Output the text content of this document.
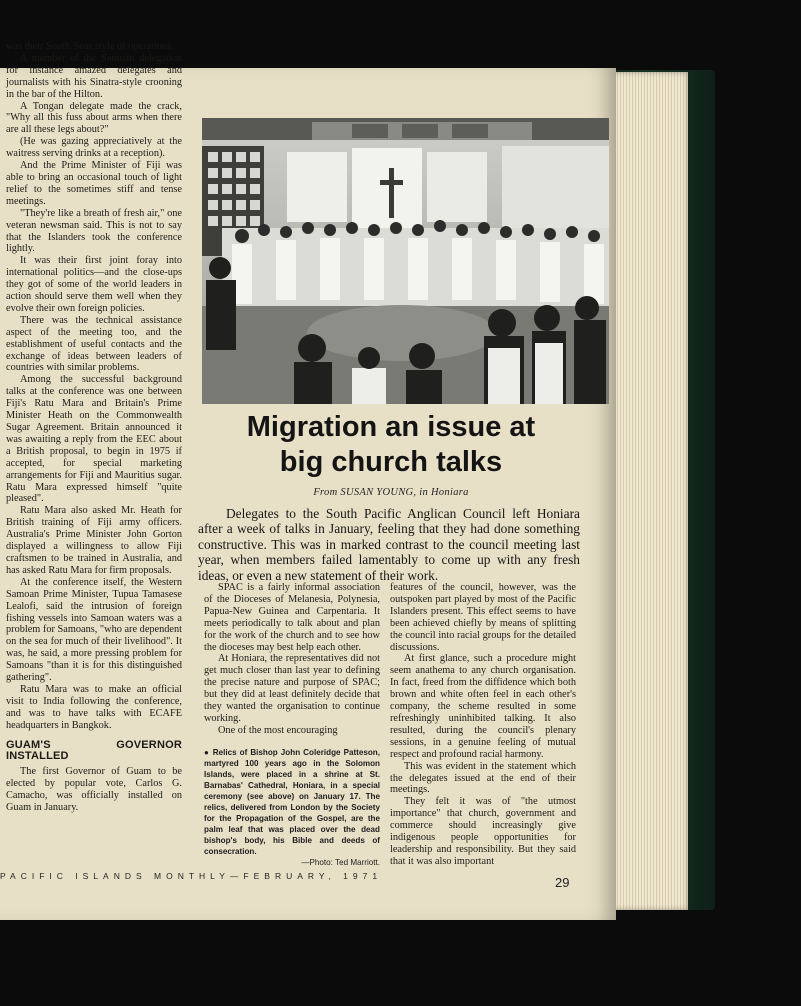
was their South-Seas style of operations.

A member of the Samoan delegation for instance amazed delegates and journalists with his Sinatra-style crooning in the bar of the Hilton.

A Tongan delegate made the crack, "Why all this fuss about arms when there are all these legs about?"

(He was gazing appreciatively at the waitress serving drinks at a reception).

And the Prime Minister of Fiji was able to bring an occasional touch of light relief to the sometimes stiff and tense meetings.

"They're like a breath of fresh air," one veteran newsman said. This is not to say that the Islanders took the conference lightly.

It was their first joint foray into international politics—and the close-ups they got of some of the world leaders in action should serve them well when they evolve their own foreign policies.

There was the technical assistance aspect of the meeting too, and the establishment of useful contacts and the exchange of ideas between leaders of countries with similar problems.

Among the successful background talks at the conference was one between Fiji's Ratu Mara and Britain's Prime Minister Heath on the Commonwealth Sugar Agreement. Britain announced it was awaiting a reply from the EEC about a British proposal, to begin in 1975 if accepted, for special marketing arrangements for Fiji and Mauritius sugar. Ratu Mara expressed himself "quite pleased".

Ratu Mara also asked Mr. Heath for British training of Fiji army officers. Australia's Prime Minister John Gorton displayed a willingness to allow Fiji craftsmen to be trained in Australia, and has asked Ratu Mara for firm proposals.

At the conference itself, the Western Samoan Prime Minister, Tupua Tamasese Lealofi, said the intrusion of foreign fishing vessels into Samoan waters was a problem for Samoans, "who are dependent on the sea for much of their livelihood". It was, he said, a more pressing problem for Samoans "than it is for this distinguished gathering".

Ratu Mara was to make an official visit to India following the conference, and was to have talks with ECAFE headquarters in Bangkok.

GUAM'S GOVERNOR INSTALLED

The first Governor of Guam to be elected by popular vote, Carlos G. Camacho, was officially installed on Guam in January.

Migration an issue at
big church talks
From SUSAN YOUNG, in Honiara

Delegates to the South Pacific Anglican Council left Honiara after a week of talks in January, feeling that they had done something constructive. This was in marked contrast to the council meeting last year, when members failed lamentably to come up with any fresh ideas, or even a new statement of their work.

SPAC is a fairly informal association of the Dioceses of Melanesia, Polynesia, Papua-New Guinea and Carpentaria. It meets periodically to talk about and plan for the work of the church and to see how the dioceses may best help each other.

At Honiara, the representatives did not get much closer than last year to defining the precise nature and purpose of SPAC; but they did at least definitely decide that they wanted the organisation to continue working.

One of the most encouraging

● Relics of Bishop John Coleridge Patteson, martyred 100 years ago in the Solomon Islands, were placed in a shrine at St. Barnabas' Cathedral, Honiara, in a special ceremony (see above) on January 17. The relics, delivered from London by the Society for the Propagation of the Gospel, are the palm leaf that was placed over the dead bishop's body, his Bible and deeds of consecration.
—Photo: Ted Marriott.

features of the council, however, was the outspoken part played by most of the Pacific Islanders present. This effect seems to have been achieved chiefly by means of splitting the council into racial groups for the detailed discussions.

At first glance, such a procedure might seem anathema to any church organisation. In fact, freed from the diffidence which both brown and white often feel in each other's company, the scheme resulted in some refreshingly uninhibited talking. It also resulted, during the council's plenary sessions, in a genuine feeling of mutual respect and profound racial harmony.

This was evident in the statement which the delegates issued at the end of their meetings.

They felt it was of "the utmost importance" that church, government and commerce should increasingly give indigenous people opportunities for leadership and responsibility. But they said that it was also important

PACIFIC ISLANDS MONTHLY—FEBRUARY, 1971	29
